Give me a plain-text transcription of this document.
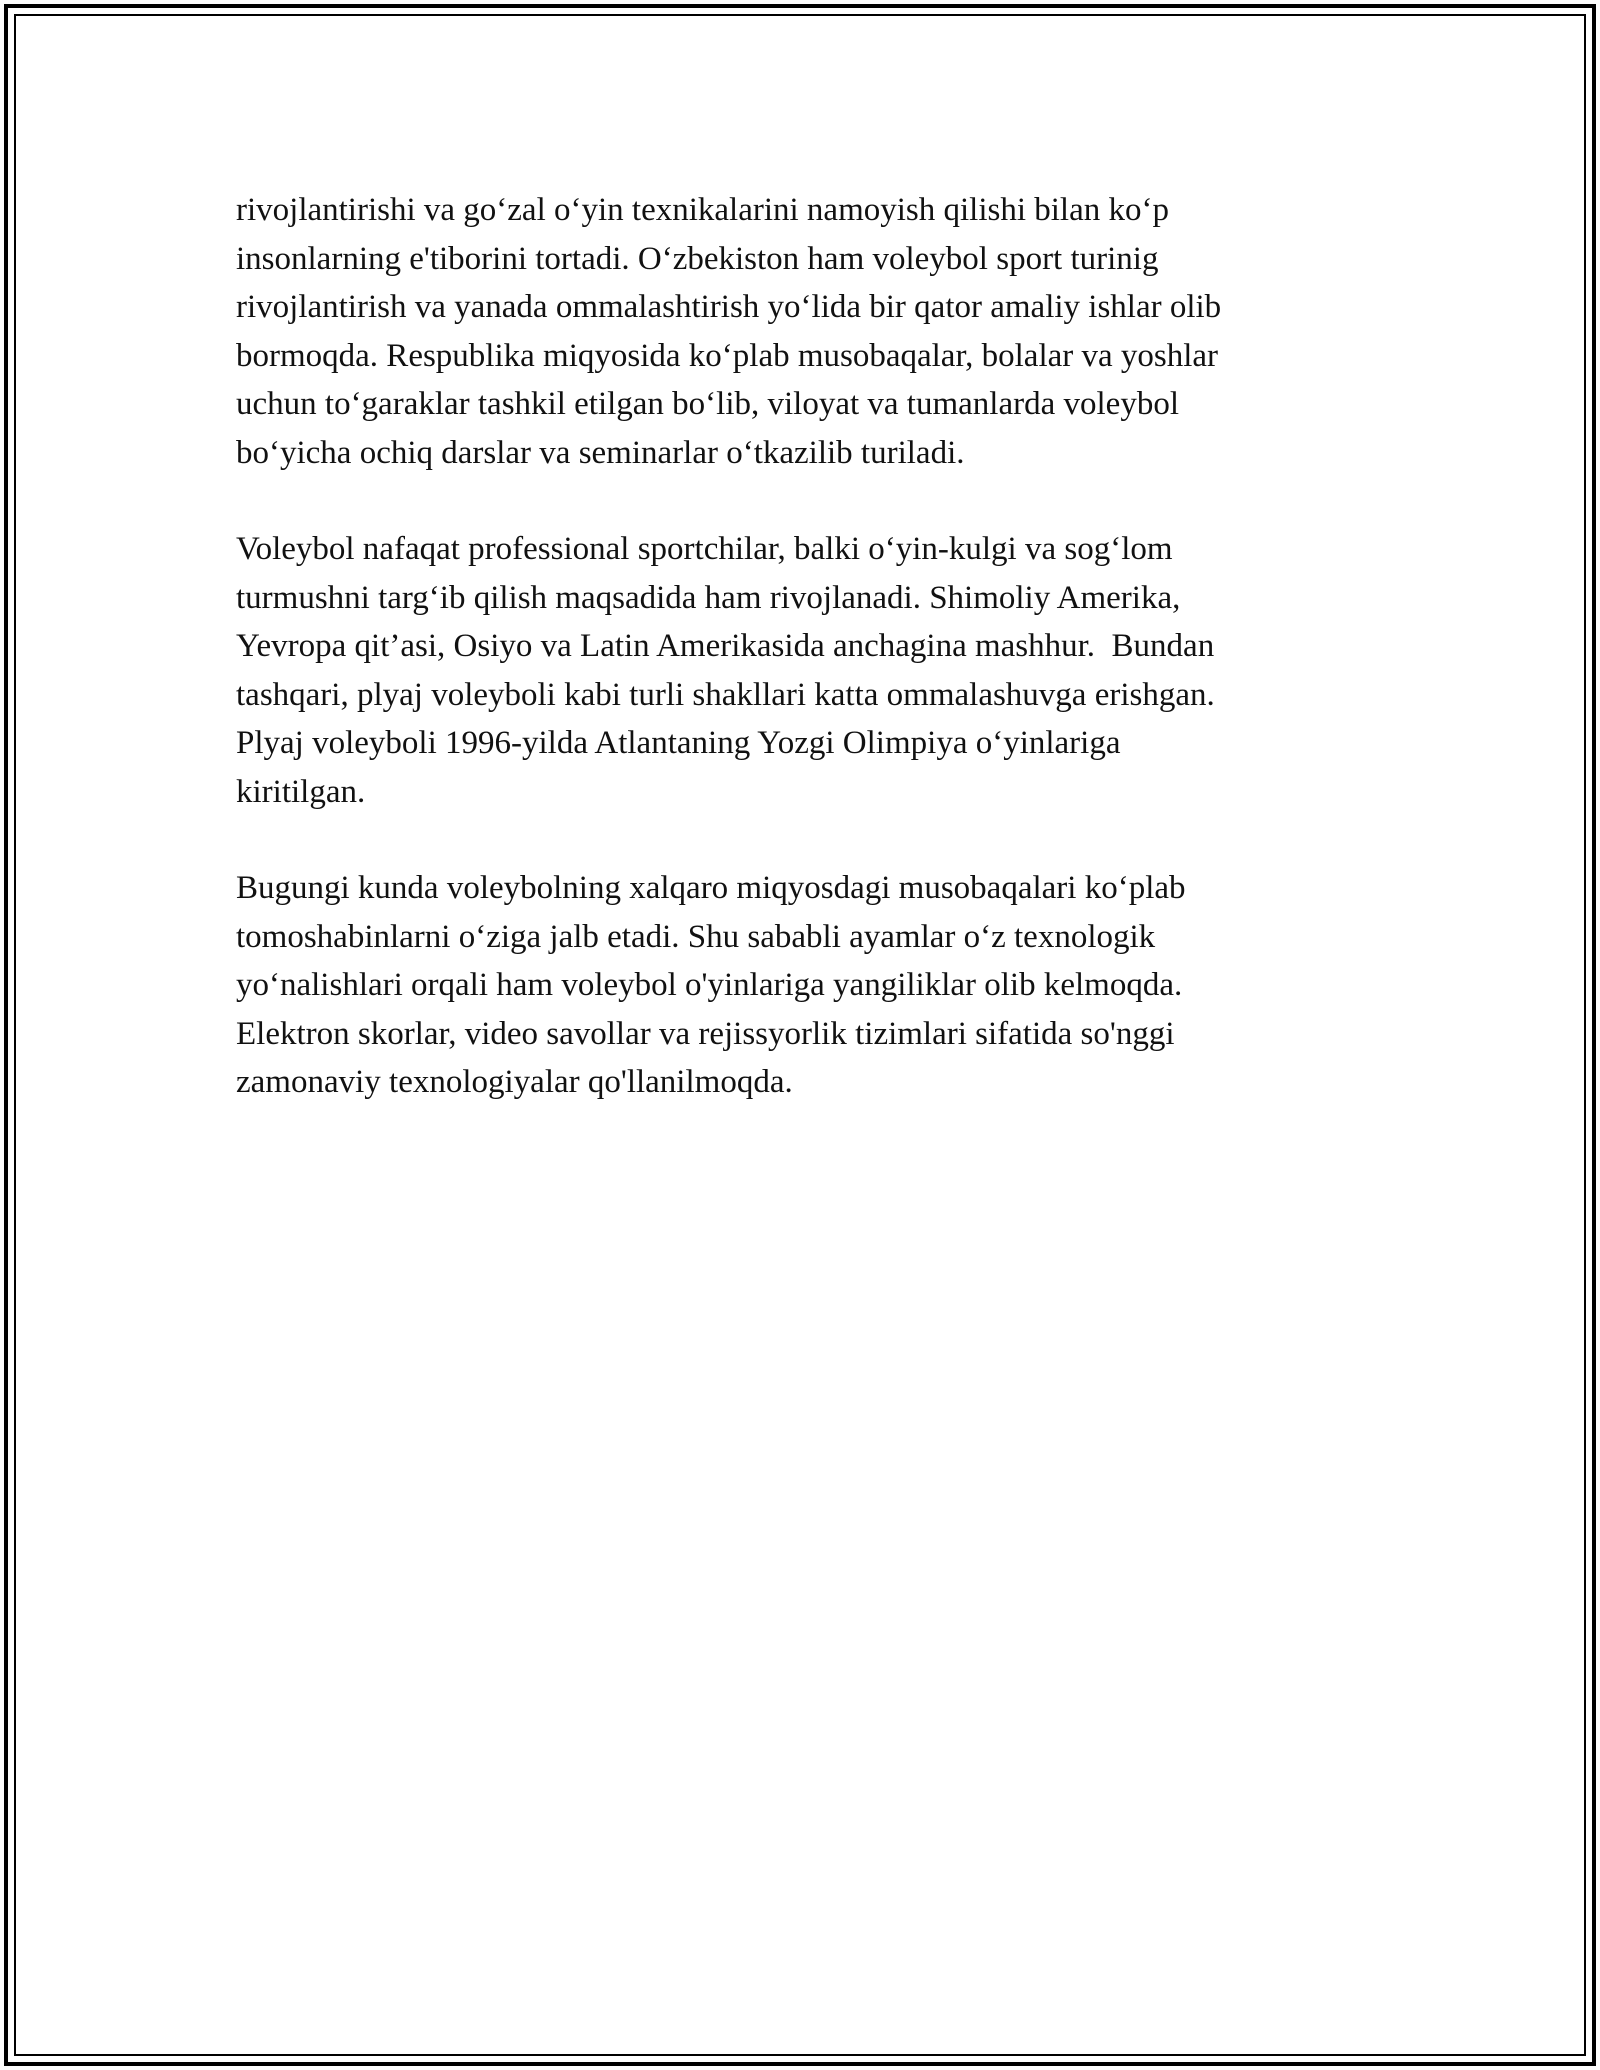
rivojlantirishi va go‘zal o‘yin texnikalarini namoyish qilishi bilan ko‘p
insonlarning e'tiborini tortadi. O‘zbekiston ham voleybol sport turinig
rivojlantirish va yanada ommalashtirish yo‘lida bir qator amaliy ishlar olib
bormoqda. Respublika miqyosida ko‘plab musobaqalar, bolalar va yoshlar
uchun to‘garaklar tashkil etilgan bo‘lib, viloyat va tumanlarda voleybol
bo‘yicha ochiq darslar va seminarlar o‘tkazilib turiladi.

Voleybol nafaqat professional sportchilar, balki o‘yin-kulgi va sog‘lom
turmushni targ‘ib qilish maqsadida ham rivojlanadi. Shimoliy Amerika,
Yevropa qit’asi, Osiyo va Latin Amerikasida anchagina mashhur.  Bundan
tashqari, plyaj voleyboli kabi turli shakllari katta ommalashuvga erishgan.
Plyaj voleyboli 1996-yilda Atlantaning Yozgi Olimpiya o‘yinlariga
kiritilgan.

Bugungi kunda voleybolning xalqaro miqyosdagi musobaqalari ko‘plab
tomoshabinlarni o‘ziga jalb etadi. Shu sababli ayamlar o‘z texnologik
yo‘nalishlari orqali ham voleybol o'yinlariga yangiliklar olib kelmoqda.
Elektron skorlar, video savollar va rejissyorlik tizimlari sifatida so'nggi
zamonaviy texnologiyalar qo'llanilmoqda.
